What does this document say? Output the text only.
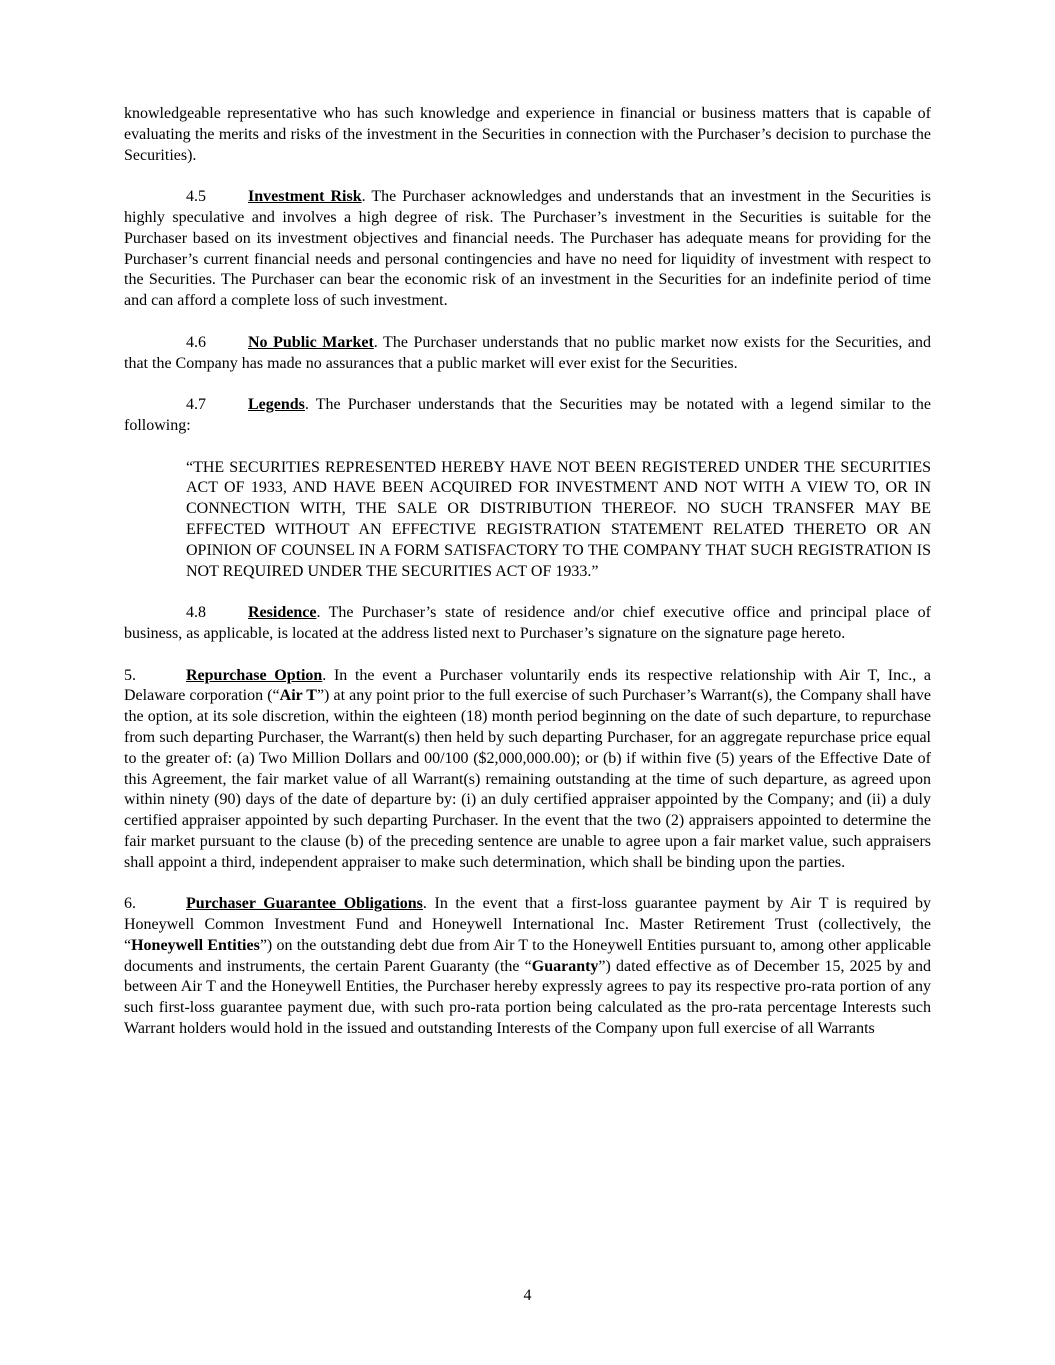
knowledgeable representative who has such knowledge and experience in financial or business matters that is capable of evaluating the merits and risks of the investment in the Securities in connection with the Purchaser’s decision to purchase the Securities).

4.5	Investment Risk. The Purchaser acknowledges and understands that an investment in the Securities is highly speculative and involves a high degree of risk. The Purchaser’s investment in the Securities is suitable for the Purchaser based on its investment objectives and financial needs. The Purchaser has adequate means for providing for the Purchaser’s current financial needs and personal contingencies and have no need for liquidity of investment with respect to the Securities. The Purchaser can bear the economic risk of an investment in the Securities for an indefinite period of time and can afford a complete loss of such investment.

4.6	No Public Market. The Purchaser understands that no public market now exists for the Securities, and that the Company has made no assurances that a public market will ever exist for the Securities.

4.7	Legends. The Purchaser understands that the Securities may be notated with a legend similar to the following:

“THE SECURITIES REPRESENTED HEREBY HAVE NOT BEEN REGISTERED UNDER THE SECURITIES ACT OF 1933, AND HAVE BEEN ACQUIRED FOR INVESTMENT AND NOT WITH A VIEW TO, OR IN CONNECTION WITH, THE SALE OR DISTRIBUTION THEREOF. NO SUCH TRANSFER MAY BE EFFECTED WITHOUT AN EFFECTIVE REGISTRATION STATEMENT RELATED THERETO OR AN OPINION OF COUNSEL IN A FORM SATISFACTORY TO THE COMPANY THAT SUCH REGISTRATION IS NOT REQUIRED UNDER THE SECURITIES ACT OF 1933.”

4.8	Residence. The Purchaser’s state of residence and/or chief executive office and principal place of business, as applicable, is located at the address listed next to Purchaser’s signature on the signature page hereto.

5.	Repurchase Option. In the event a Purchaser voluntarily ends its respective relationship with Air T, Inc., a Delaware corporation (“Air T”) at any point prior to the full exercise of such Purchaser’s Warrant(s), the Company shall have the option, at its sole discretion, within the eighteen (18) month period beginning on the date of such departure, to repurchase from such departing Purchaser, the Warrant(s) then held by such departing Purchaser, for an aggregate repurchase price equal to the greater of: (a) Two Million Dollars and 00/100 ($2,000,000.00); or (b) if within five (5) years of the Effective Date of this Agreement, the fair market value of all Warrant(s) remaining outstanding at the time of such departure, as agreed upon within ninety (90) days of the date of departure by: (i) an duly certified appraiser appointed by the Company; and (ii) a duly certified appraiser appointed by such departing Purchaser. In the event that the two (2) appraisers appointed to determine the fair market pursuant to the clause (b) of the preceding sentence are unable to agree upon a fair market value, such appraisers shall appoint a third, independent appraiser to make such determination, which shall be binding upon the parties.

6.	Purchaser Guarantee Obligations. In the event that a first-loss guarantee payment by Air T is required by Honeywell Common Investment Fund and Honeywell International Inc. Master Retirement Trust (collectively, the “Honeywell Entities”) on the outstanding debt due from Air T to the Honeywell Entities pursuant to, among other applicable documents and instruments, the certain Parent Guaranty (the “Guaranty”) dated effective as of December 15, 2025 by and between Air T and the Honeywell Entities, the Purchaser hereby expressly agrees to pay its respective pro-rata portion of any such first-loss guarantee payment due, with such pro-rata portion being calculated as the pro-rata percentage Interests such Warrant holders would hold in the issued and outstanding Interests of the Company upon full exercise of all Warrants

4
